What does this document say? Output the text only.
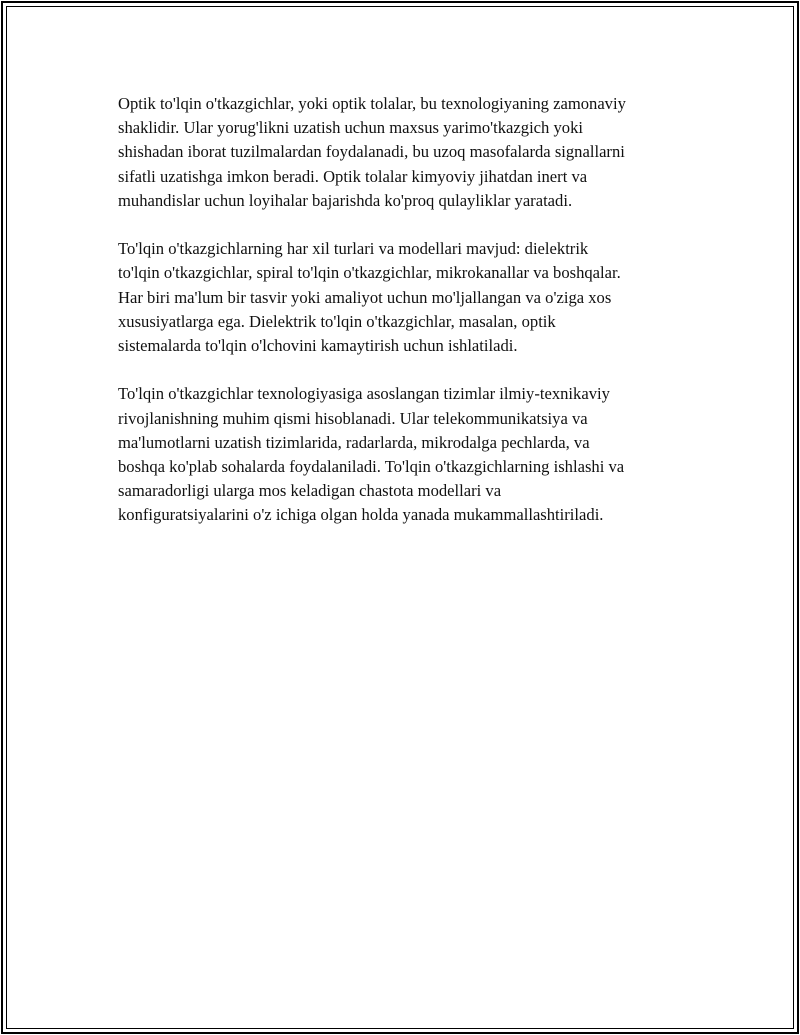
Optik to'lqin o'tkazgichlar, yoki optik tolalar, bu texnologiyaning zamonaviy
shaklidir. Ular yorug'likni uzatish uchun maxsus yarimo'tkazgich yoki
shishadan iborat tuzilmalardan foydalanadi, bu uzoq masofalarda signallarni
sifatli uzatishga imkon beradi. Optik tolalar kimyoviy jihatdan inert va
muhandislar uchun loyihalar bajarishda ko'proq qulayliklar yaratadi.

To'lqin o'tkazgichlarning har xil turlari va modellari mavjud: dielektrik
to'lqin o'tkazgichlar, spiral to'lqin o'tkazgichlar, mikrokanallar va boshqalar.
Har biri ma'lum bir tasvir yoki amaliyot uchun mo'ljallangan va o'ziga xos
xususiyatlarga ega. Dielektrik to'lqin o'tkazgichlar, masalan, optik
sistemalarda to'lqin o'lchovini kamaytirish uchun ishlatiladi.

To'lqin o'tkazgichlar texnologiyasiga asoslangan tizimlar ilmiy-texnikaviy
rivojlanishning muhim qismi hisoblanadi. Ular telekommunikatsiya va
ma'lumotlarni uzatish tizimlarida, radarlarda, mikrodalga pechlarda, va
boshqa ko'plab sohalarda foydalaniladi. To'lqin o'tkazgichlarning ishlashi va
samaradorligi ularga mos keladigan chastota modellari va
konfiguratsiyalarini o'z ichiga olgan holda yanada mukammallashtiriladi.
